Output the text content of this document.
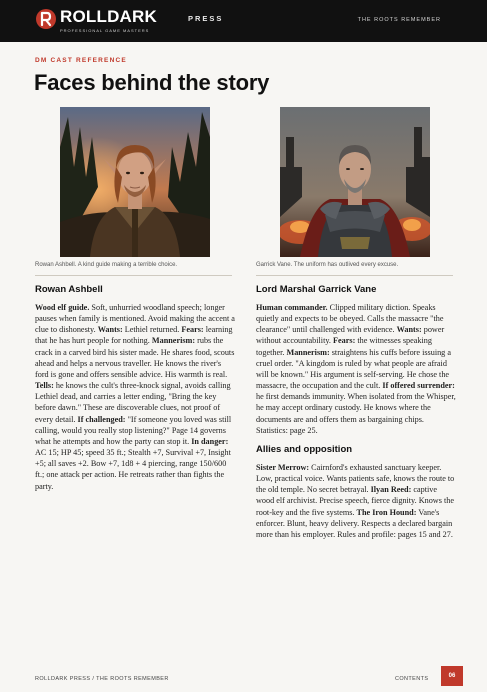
ROLLDARK
PROFESSIONAL GAME MASTERS
PRESS	THE ROOTS REMEMBER
DM CAST REFERENCE
Faces behind the story
Rowan Ashbell. A kind guide making a terrible choice.	Garrick Vane. The uniform has outlived every excuse.
Rowan Ashbell

Wood elf guide. Soft, unhurried woodland speech; longer pauses when family is mentioned. Avoid making the accent a clue to dishonesty. Wants: Lethiel returned. Fears: learning that he has hurt people for nothing. Mannerism: rubs the crack in a carved bird his sister made. He shares food, scouts ahead and helps a nervous traveller. He knows the river's ford is gone and offers sensible advice. His warmth is real. Tells: he knows the cult's three-knock signal, avoids calling Lethiel dead, and carries a letter ending, "Bring the key before dawn." These are discoverable clues, not proof of every detail. If challenged: "If someone you loved was still calling, would you really stop listening?" Page 14 governs what he attempts and how the party can stop it. In danger: AC 15; HP 45; speed 35 ft.; Stealth +7, Survival +7, Insight +5; all saves +2. Bow +7, 1d8 + 4 piercing, range 150/600 ft.; one attack per action. He retreats rather than fights the party.

Lord Marshal Garrick Vane

Human commander. Clipped military diction. Speaks quietly and expects to be obeyed. Calls the massacre "the clearance" until challenged with evidence. Wants: power without accountability. Fears: the witnesses speaking together. Mannerism: straightens his cuffs before issuing a cruel order. "A kingdom is ruled by what people are afraid will be known." His argument is self-serving. He chose the massacre, the occupation and the cult. If offered surrender: he first demands immunity. When isolated from the Whisper, he may accept ordinary custody. He knows where the documents are and offers them as bargaining chips. Statistics: page 25.

Allies and opposition

Sister Merrow: Cairnford's exhausted sanctuary keeper. Low, practical voice. Wants patients safe, knows the route to the old temple. No secret betrayal. Ilyan Reed: captive wood elf archivist. Precise speech, fierce dignity. Knows the root-key and the five systems. The Iron Hound: Vane's enforcer. Blunt, heavy delivery. Respects a declared bargain more than his employer. Rules and profile: pages 15 and 27.

ROLLDARK PRESS / THE ROOTS REMEMBER	CONTENTS	06
